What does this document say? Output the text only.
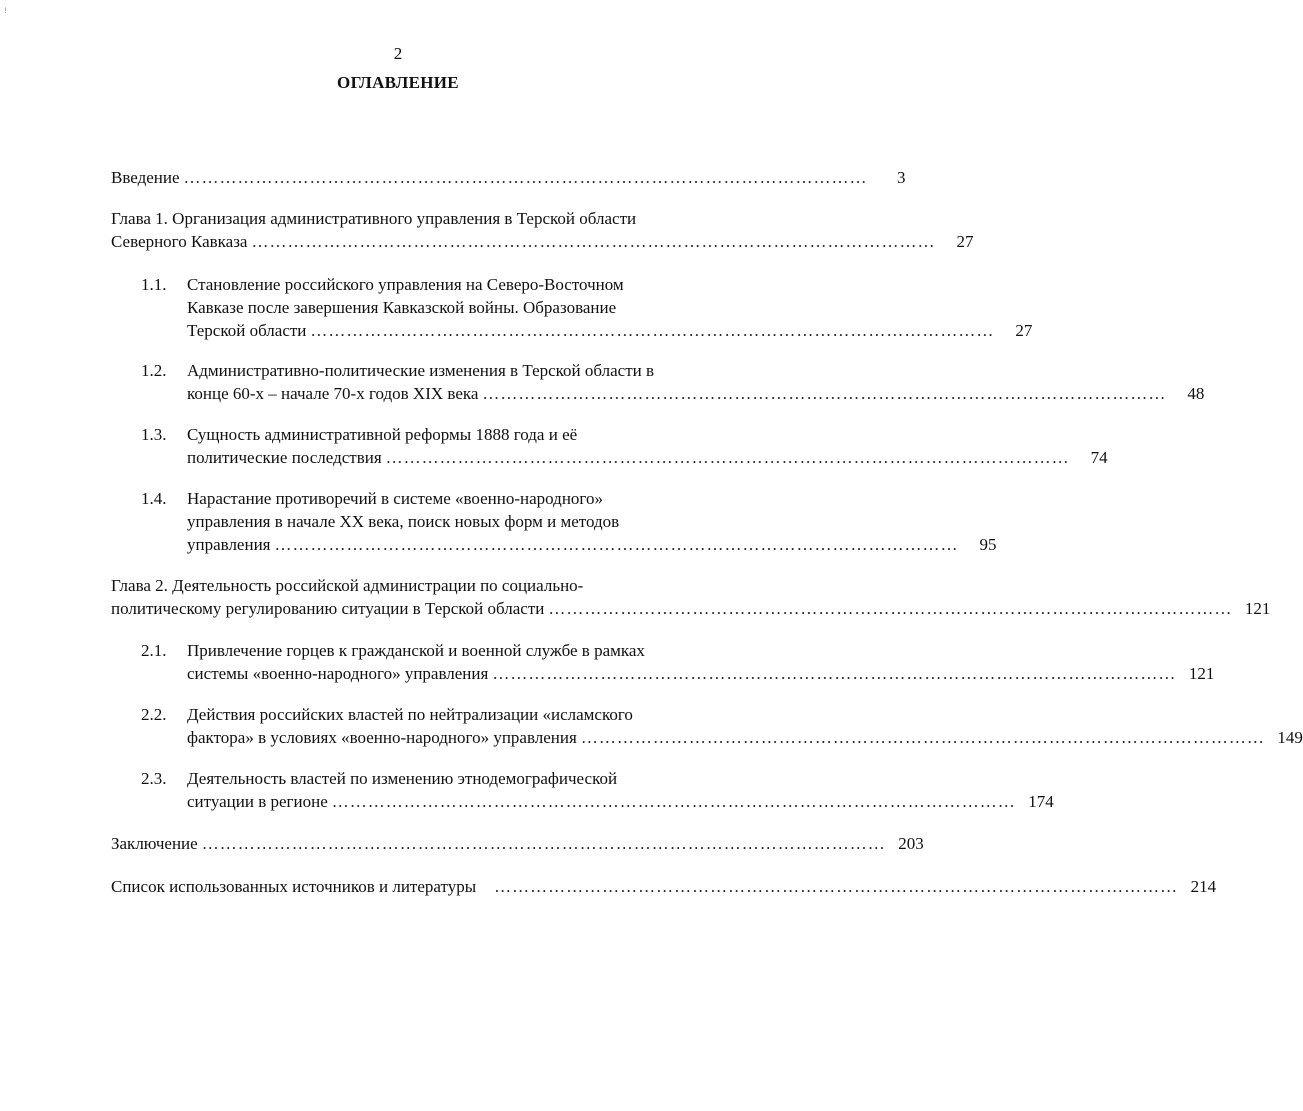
!
2
ОГЛАВЛЕНИЕ
Введение ……………………………………………………………………………………………………	3
Глава 1. Организация административного управления в Терской области
Северного Кавказа ……………………………………………………………………………………………………	27
1.1. Становление российского управления на Северо-Восточном
Кавказе после завершения Кавказской войны. Образование
Терской области ……………………………………………………………………………………………………	27
1.2. Административно-политические изменения в Терской области в
конце 60-х – начале 70-х годов XIX века ……………………………………………………………………………………………………	48
1.3. Сущность административной реформы 1888 года и её
политические последствия ……………………………………………………………………………………………………	74
1.4. Нарастание противоречий в системе «военно-народного»
управления в начале XX века, поиск новых форм и методов
управления ……………………………………………………………………………………………………	95
Глава 2. Деятельность российской администрации по социально-
политическому регулированию ситуации в Терской области …………………………………………………………………………………………………… 121
2.1. Привлечение горцев к гражданской и военной службе в рамках
системы «военно-народного» управления …………………………………………………………………………………………………… 121
2.2. Действия российских властей по нейтрализации «исламского
фактора» в условиях «военно-народного» управления …………………………………………………………………………………………………… 149
2.3. Деятельность властей по изменению этнодемографической
ситуации в регионе …………………………………………………………………………………………………… 174
Заключение …………………………………………………………………………………………………… 203
Список использованных источников и литературы …………………………………………………………………………………………………… 214
